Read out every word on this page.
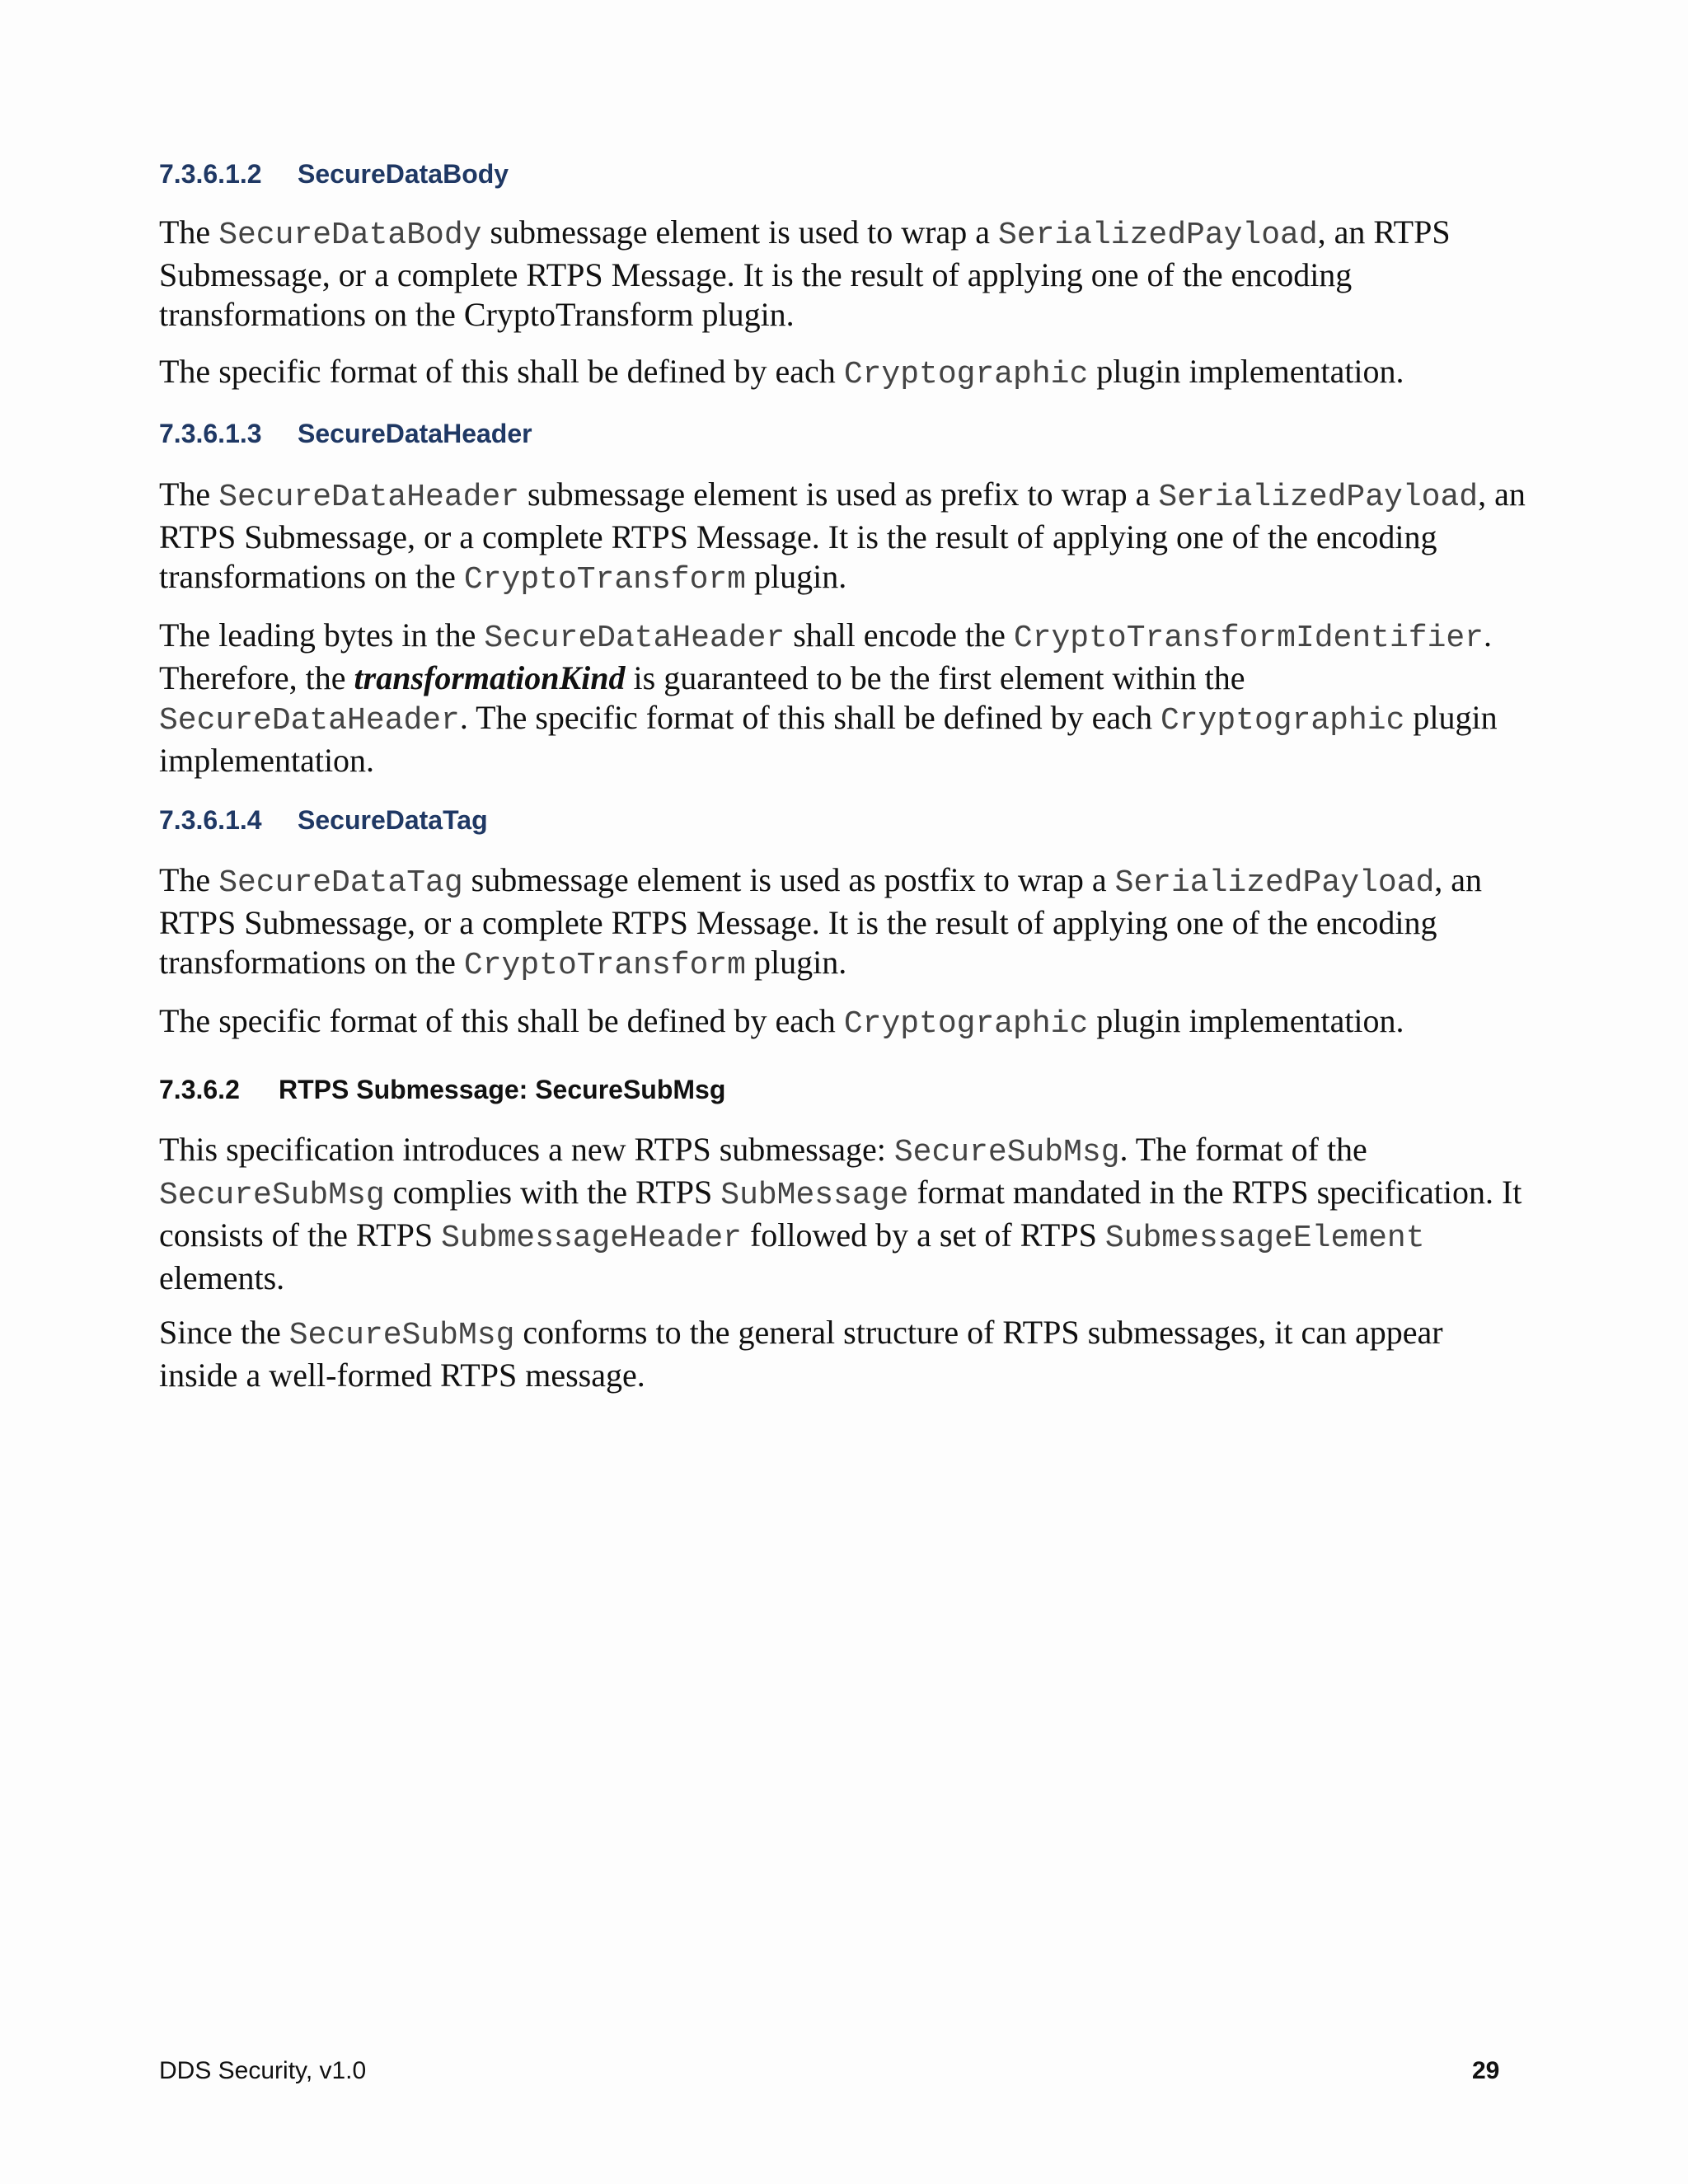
7.3.6.1.2 SecureDataBody

The SecureDataBody submessage element is used to wrap a SerializedPayload, an RTPS Submessage, or a complete RTPS Message. It is the result of applying one of the encoding transformations on the CryptoTransform plugin.

The specific format of this shall be defined by each Cryptographic plugin implementation.

7.3.6.1.3 SecureDataHeader

The SecureDataHeader submessage element is used as prefix to wrap a SerializedPayload, an RTPS Submessage, or a complete RTPS Message. It is the result of applying one of the encoding transformations on the CryptoTransform plugin.

The leading bytes in the SecureDataHeader shall encode the CryptoTransformIdentifier. Therefore, the transformationKind is guaranteed to be the first element within the SecureDataHeader. The specific format of this shall be defined by each Cryptographic plugin implementation.

7.3.6.1.4 SecureDataTag

The SecureDataTag submessage element is used as postfix to wrap a SerializedPayload, an RTPS Submessage, or a complete RTPS Message. It is the result of applying one of the encoding transformations on the CryptoTransform plugin.

The specific format of this shall be defined by each Cryptographic plugin implementation.

7.3.6.2 RTPS Submessage: SecureSubMsg

This specification introduces a new RTPS submessage: SecureSubMsg. The format of the SecureSubMsg complies with the RTPS SubMessage format mandated in the RTPS specification. It consists of the RTPS SubmessageHeader followed by a set of RTPS SubmessageElement elements.

Since the SecureSubMsg conforms to the general structure of RTPS submessages, it can appear inside a well-formed RTPS message.

DDS Security, v1.0	29
